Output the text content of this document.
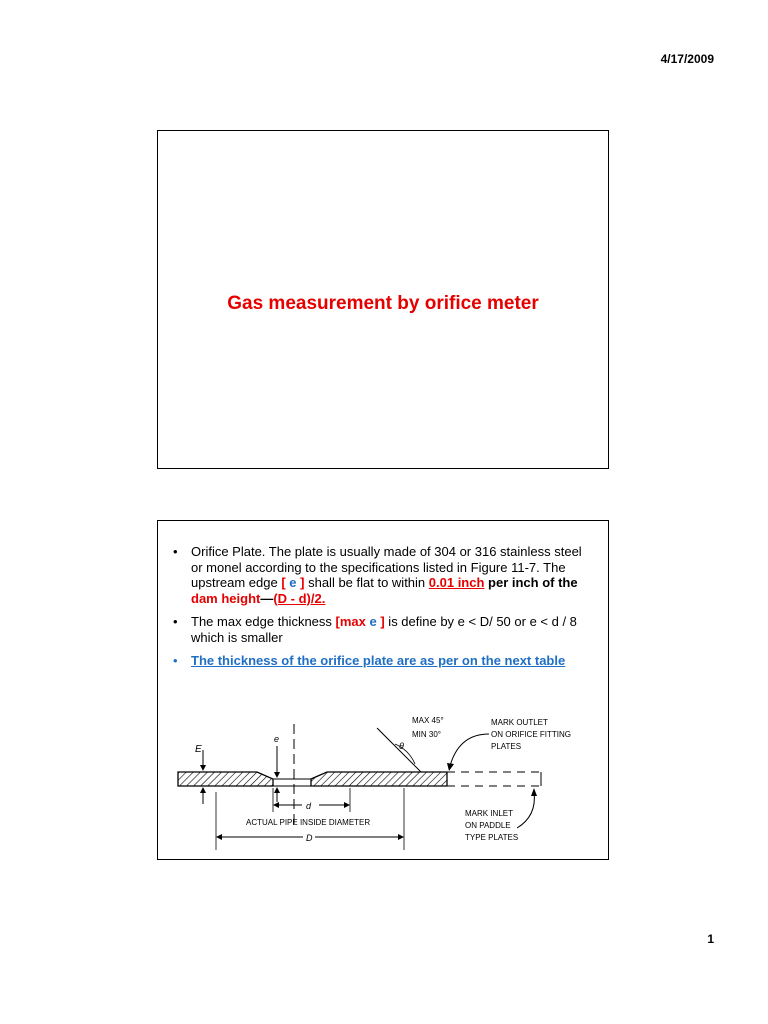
4/17/2009
Gas measurement by orifice meter
• Orifice Plate. The plate is usually made of 304 or 316 stainless steel or monel according to the specifications listed in Figure 11-7. The upstream edge [ e ] shall be flat to within 0.01 inch per inch of the dam height—(D - d)/2.
• The max edge thickness [max e ] is define by e < D/ 50 or e < d / 8 which is smaller
• The thickness of the orifice plate are as per on the next table
E
e
d
ACTUAL PIPE INSIDE DIAMETER
D
θ
MAX 45°
MIN 30°
MARK OUTLET
ON ORIFICE FITTING
PLATES
MARK INLET
ON PADDLE
TYPE PLATES
1
